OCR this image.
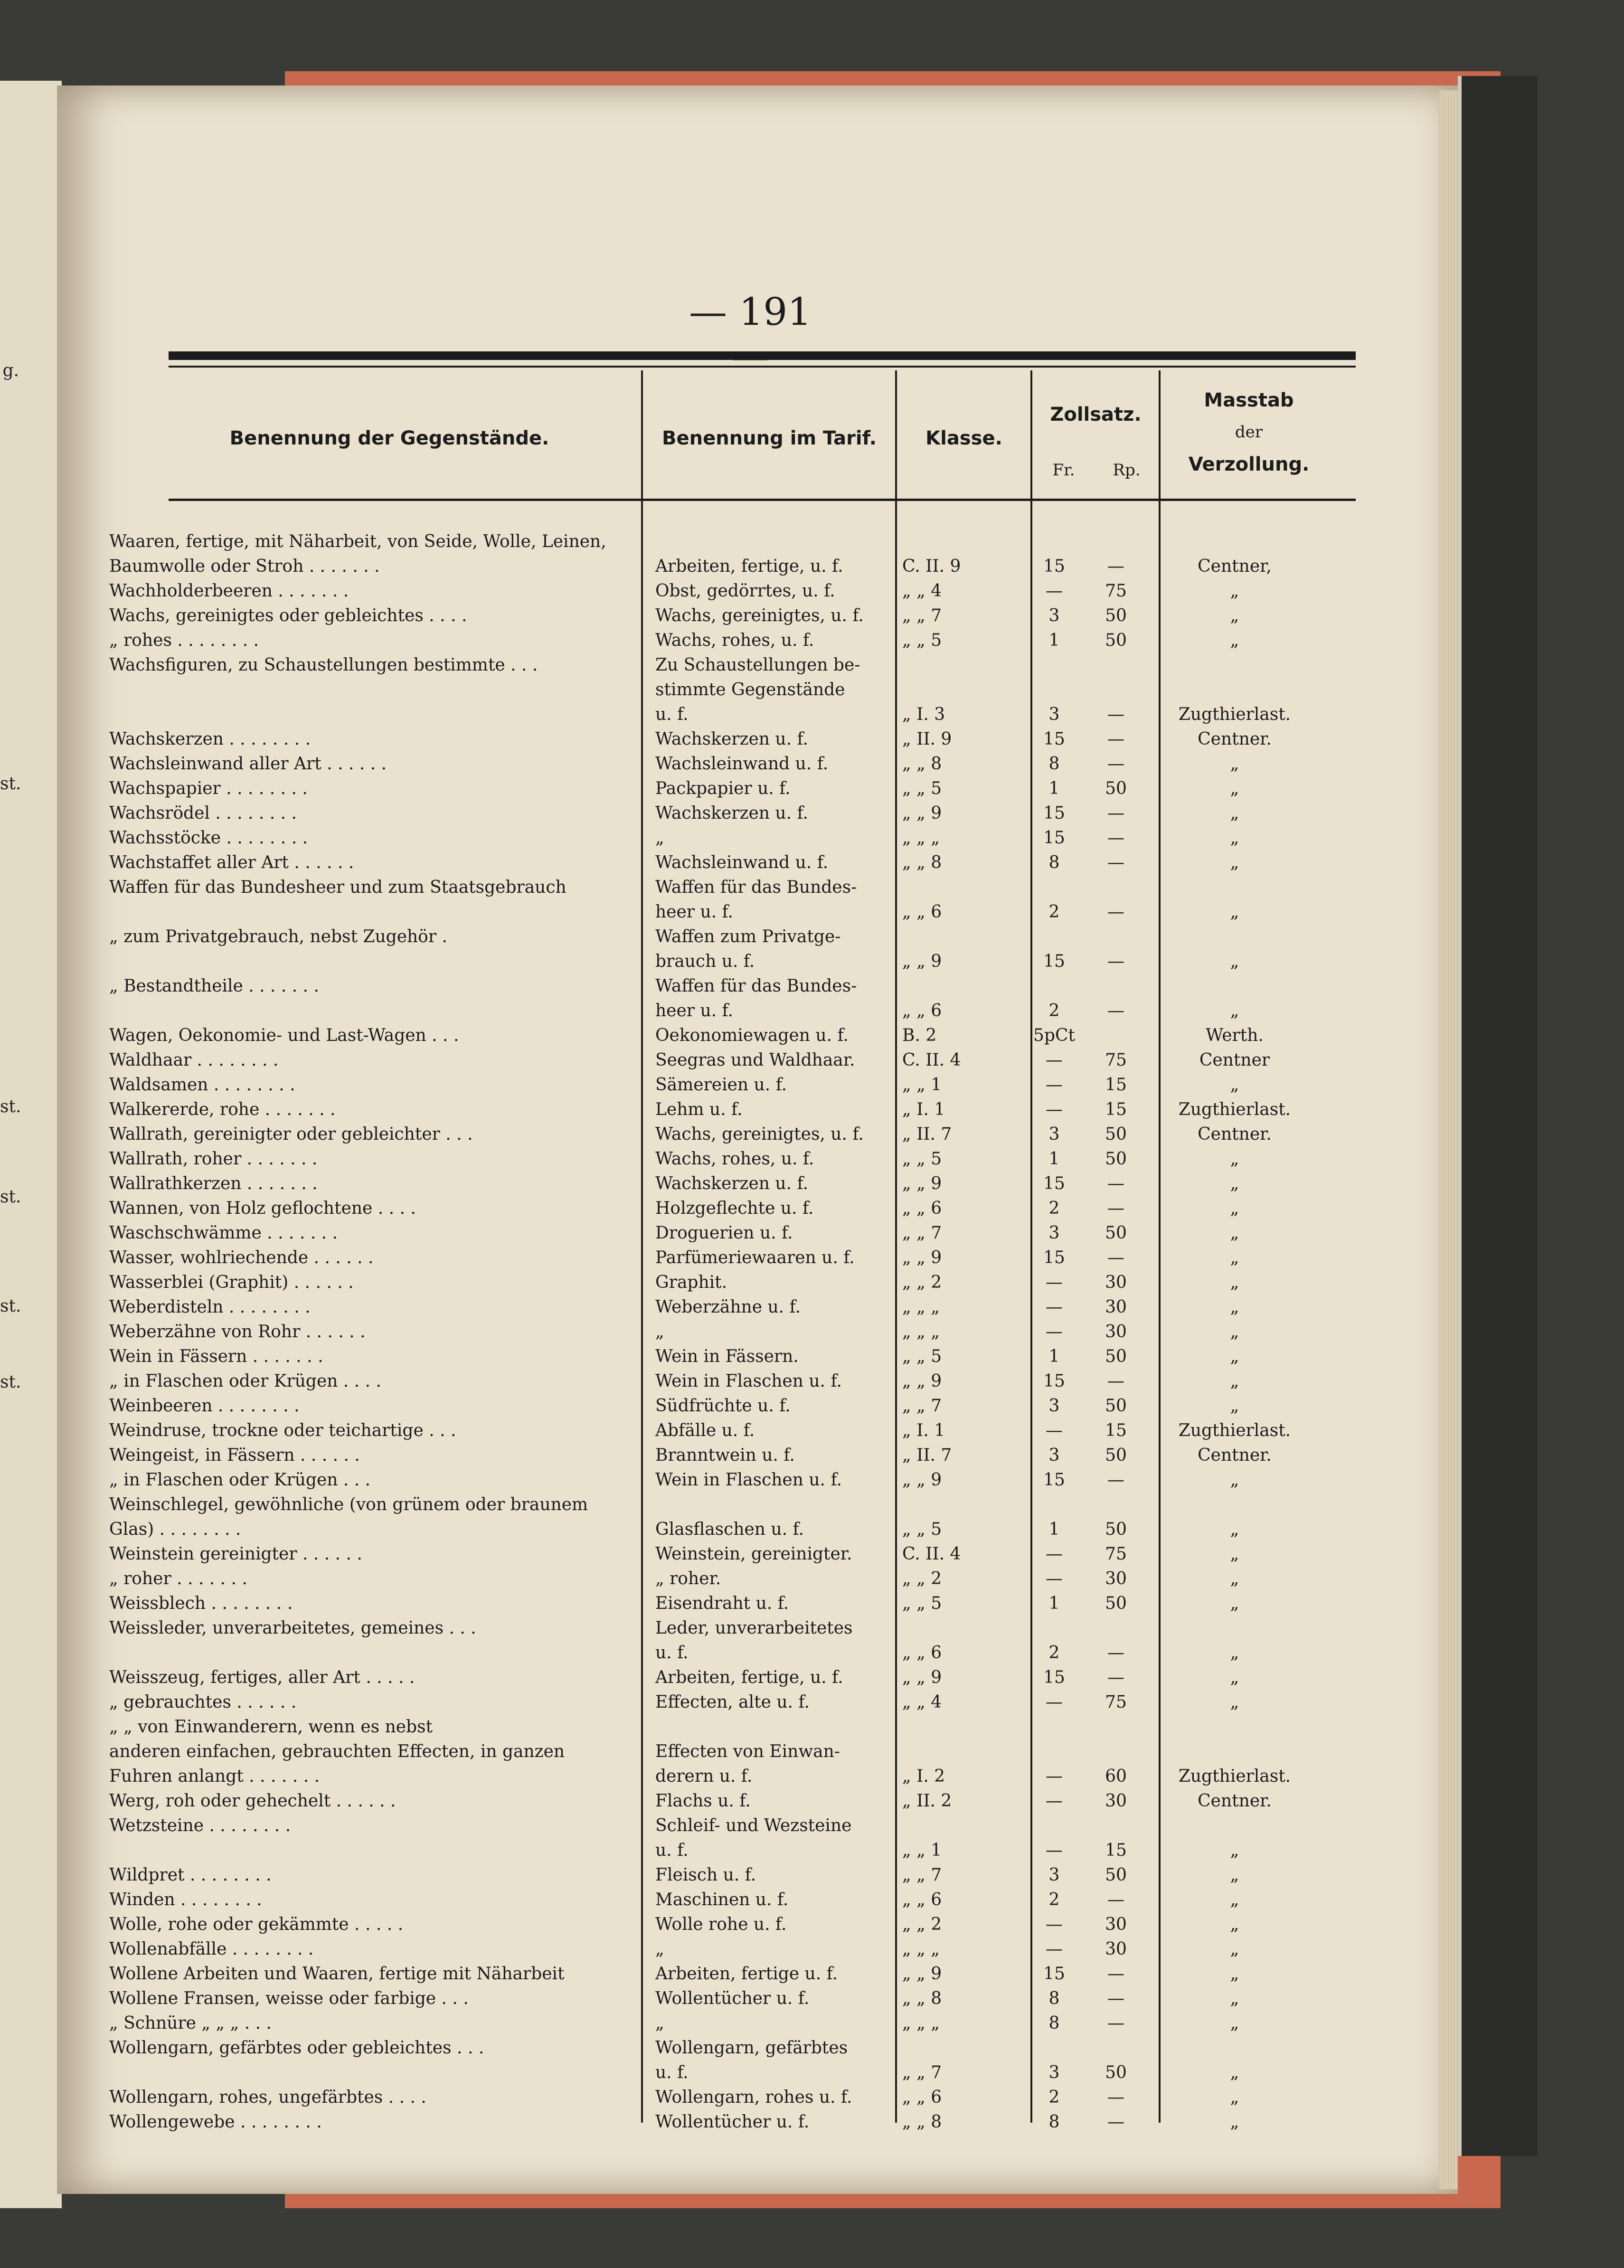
g.
st.
st.
st.
st.
st.
— 191
Benennung der Gegenstände.	Benennung im Tarif.	Klasse.
Zollsatz.
Fr.	Rp.
Masstab
der
Verzollung.
Waaren, fertige, mit Näharbeit, von Seide, Wolle, Leinen,
Baumwolle oder Stroh . . . . . . .	Arbeiten, fertige, u. f.	C. II. 9	15	—	Centner,
Wachholderbeeren . . . . . . .	Obst, gedörrtes, u. f.	„ „ 4	—	75	„
Wachs, gereinigtes oder gebleichtes . . . .	Wachs, gereinigtes, u. f.	„ „ 7	3	50	„
„ rohes . . . . . . . .	Wachs, rohes, u. f.	„ „ 5	1	50	„
Wachsfiguren, zu Schaustellungen bestimmte . . .	Zu Schaustellungen be-
stimmte Gegenstände
u. f.	„ I. 3	3	—	Zugthierlast.
Wachskerzen . . . . . . . .	Wachskerzen u. f.	„ II. 9	15	—	Centner.
Wachsleinwand aller Art . . . . . .	Wachsleinwand u. f.	„ „ 8	8	—	„
Wachspapier . . . . . . . .	Packpapier u. f.	„ „ 5	1	50	„
Wachsrödel . . . . . . . .	Wachskerzen u. f.	„ „ 9	15	—	„
Wachsstöcke . . . . . . . .	„	„ „ „	15	—	„
Wachstaffet aller Art . . . . . .	Wachsleinwand u. f.	„ „ 8	8	—	„
Waffen für das Bundesheer und zum Staatsgebrauch	Waffen für das Bundes-
heer u. f.	„ „ 6	2	—	„
„ zum Privatgebrauch, nebst Zugehör .	Waffen zum Privatge-
brauch u. f.	„ „ 9	15	—	„
„ Bestandtheile . . . . . . .	Waffen für das Bundes-
heer u. f.	„ „ 6	2	—	„
Wagen, Oekonomie- und Last-Wagen . . .	Oekonomiewagen u. f.	B. 2	5pCt	Werth.
Waldhaar . . . . . . . .	Seegras und Waldhaar.	C. II. 4	—	75	Centner
Waldsamen . . . . . . . .	Sämereien u. f.	„ „ 1	—	15	„
Walkererde, rohe . . . . . . .	Lehm u. f.	„ I. 1	—	15	Zugthierlast.
Wallrath, gereinigter oder gebleichter . . .	Wachs, gereinigtes, u. f.	„ II. 7	3	50	Centner.
Wallrath, roher . . . . . . .	Wachs, rohes, u. f.	„ „ 5	1	50	„
Wallrathkerzen . . . . . . .	Wachskerzen u. f.	„ „ 9	15	—	„
Wannen, von Holz geflochtene . . . .	Holzgeflechte u. f.	„ „ 6	2	—	„
Waschschwämme . . . . . . .	Droguerien u. f.	„ „ 7	3	50	„
Wasser, wohlriechende . . . . . .	Parfümeriewaaren u. f.	„ „ 9	15	—	„
Wasserblei (Graphit) . . . . . .	Graphit.	„ „ 2	—	30	„
Weberdisteln . . . . . . . .	Weberzähne u. f.	„ „ „	—	30	„
Weberzähne von Rohr . . . . . .	„	„ „ „	—	30	„
Wein in Fässern . . . . . . .	Wein in Fässern.	„ „ 5	1	50	„
„ in Flaschen oder Krügen . . . .	Wein in Flaschen u. f.	„ „ 9	15	—	„
Weinbeeren . . . . . . . .	Südfrüchte u. f.	„ „ 7	3	50	„
Weindruse, trockne oder teichartige . . .	Abfälle u. f.	„ I. 1	—	15	Zugthierlast.
Weingeist, in Fässern . . . . . .	Branntwein u. f.	„ II. 7	3	50	Centner.
„ in Flaschen oder Krügen . . .	Wein in Flaschen u. f.	„ „ 9	15	—	„
Weinschlegel, gewöhnliche (von grünem oder braunem
Glas) . . . . . . . .	Glasflaschen u. f.	„ „ 5	1	50	„
Weinstein gereinigter . . . . . .	Weinstein, gereinigter.	C. II. 4	—	75	„
„ roher . . . . . . .	„ roher.	„ „ 2	—	30	„
Weissblech . . . . . . . .	Eisendraht u. f.	„ „ 5	1	50	„
Weissleder, unverarbeitetes, gemeines . . .	Leder, unverarbeitetes
u. f.	„ „ 6	2	—	„
Weisszeug, fertiges, aller Art . . . . .	Arbeiten, fertige, u. f.	„ „ 9	15	—	„
„ gebrauchtes . . . . . .	Effecten, alte u. f.	„ „ 4	—	75	„
„ „ von Einwanderern, wenn es nebst
anderen einfachen, gebrauchten Effecten, in ganzen	Effecten von Einwan-
Fuhren anlangt . . . . . . .	derern u. f.	„ I. 2	—	60	Zugthierlast.
Werg, roh oder gehechelt . . . . . .	Flachs u. f.	„ II. 2	—	30	Centner.
Wetzsteine . . . . . . . .	Schleif- und Wezsteine
u. f.	„ „ 1	—	15	„
Wildpret . . . . . . . .	Fleisch u. f.	„ „ 7	3	50	„
Winden . . . . . . . .	Maschinen u. f.	„ „ 6	2	—	„
Wolle, rohe oder gekämmte . . . . .	Wolle rohe u. f.	„ „ 2	—	30	„
Wollenabfälle . . . . . . . .	„	„ „ „	—	30	„
Wollene Arbeiten und Waaren, fertige mit Näharbeit	Arbeiten, fertige u. f.	„ „ 9	15	—	„
Wollene Fransen, weisse oder farbige . . .	Wollentücher u. f.	„ „ 8	8	—	„
„ Schnüre „ „ „ . . .	„	„ „ „	8	—	„
Wollengarn, gefärbtes oder gebleichtes . . .	Wollengarn, gefärbtes
u. f.	„ „ 7	3	50	„
Wollengarn, rohes, ungefärbtes . . . .	Wollengarn, rohes u. f.	„ „ 6	2	—	„
Wollengewebe . . . . . . . .	Wollentücher u. f.	„ „ 8	8	—	„
